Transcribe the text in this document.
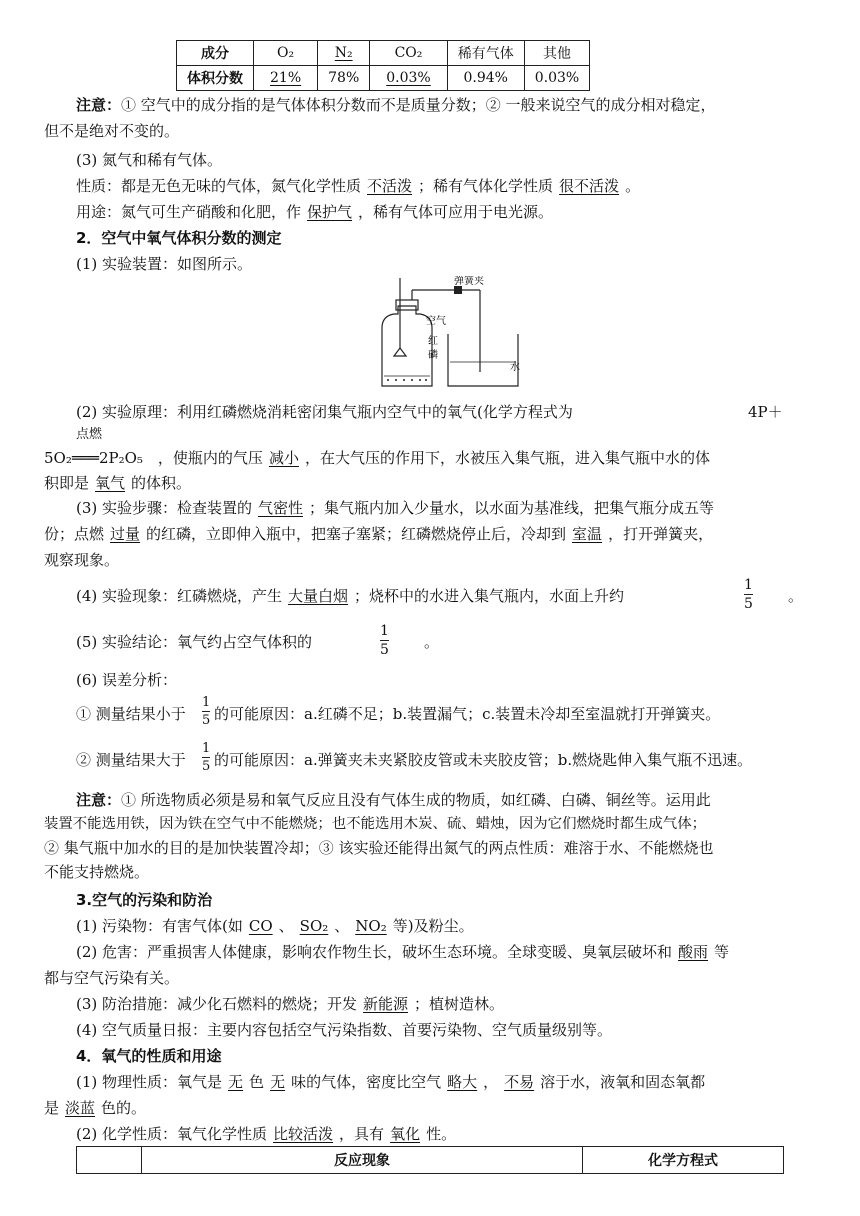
成分	O₂	N₂	CO₂	稀有气体	其他
体积分数	21%	78%	0.03%	0.94%	0.03%
注意：① 空气中的成分指的是气体体积分数而不是质量分数；② 一般来说空气的成分相对稳定，
但不是绝对不变的。
(3) 氮气和稀有气体。
性质：都是无色无味的气体，氮气化学性质 不活泼 ；稀有气体化学性质 很不活泼 。
用途：氮气可生产硝酸和化肥，作 保护气 ，稀有气体可应用于电光源。
2．空气中氧气体积分数的测定
(1) 实验装置：如图所示。
弹簧夹
空气
红
磷
水
(2) 实验原理：利用红磷燃烧消耗密闭集气瓶内空气中的氧气(化学方程式为	4P＋
点燃
5O₂═══2P₂O₅　 ，使瓶内的气压 减小 ，在大气压的作用下，水被压入集气瓶，进入集气瓶中水的体
积即是 氧气 的体积。
(3) 实验步骤：检查装置的 气密性 ；集气瓶内加入少量水，以水面为基准线，把集气瓶分成五等
份；点燃 过量 的红磷，立即伸入瓶中，把塞子塞紧；红磷燃烧停止后，冷却到 室温 ，打开弹簧夹，
观察现象。
(4) 实验现象：红磷燃烧，产生 大量白烟 ；烧杯中的水进入集气瓶内，水面上升约	$\frac{1}{5}$ 。
(5) 实验结论：氧气约占空气体积的	$\frac{1}{5}$ 。
(6) 误差分析：
① 测量结果小于 $\frac{1}{5}$ 的可能原因：a.红磷不足；b.装置漏气；c.装置未冷却至室温就打开弹簧夹。
② 测量结果大于 $\frac{1}{5}$ 的可能原因：a.弹簧夹未夹紧胶皮管或未夹胶皮管；b.燃烧匙伸入集气瓶不迅速。
注意：① 所选物质必须是易和氧气反应且没有气体生成的物质，如红磷、白磷、铜丝等。运用此
装置不能选用铁，因为铁在空气中不能燃烧；也不能选用木炭、硫、蜡烛，因为它们燃烧时都生成气体；
② 集气瓶中加水的目的是加快装置冷却；③ 该实验还能得出氮气的两点性质：难溶于水、不能燃烧也
不能支持燃烧。
3.空气的污染和防治
(1) 污染物：有害气体(如 CO 、 SO₂ 、 NO₂ 等)及粉尘。
(2) 危害：严重损害人体健康，影响农作物生长，破坏生态环境。全球变暖、臭氧层破坏和 酸雨 等
都与空气污染有关。
(3) 防治措施：减少化石燃料的燃烧；开发 新能源 ；植树造林。
(4) 空气质量日报：主要内容包括空气污染指数、首要污染物、空气质量级别等。
4．氧气的性质和用途
(1) 物理性质：氧气是 无 色 无 味的气体，密度比空气 略大 ， 不易 溶于水，液氧和固态氧都
是 淡蓝 色的。
(2) 化学性质：氧气化学性质 比较活泼 ，具有 氧化 性。
	反应现象	化学方程式
